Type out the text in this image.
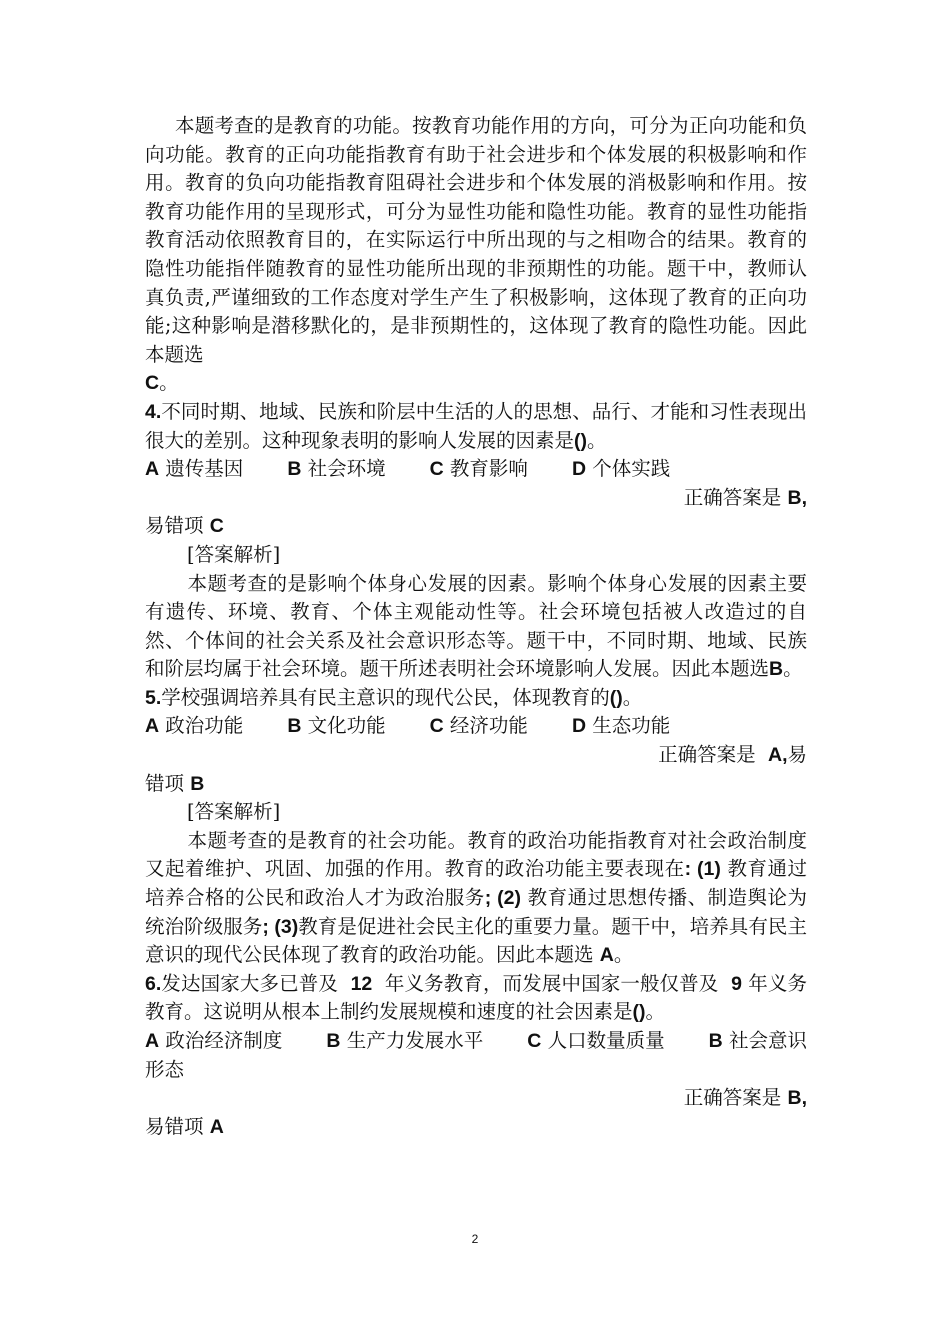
本题考查的是教育的功能。按教育功能作用的方向，可分为正向功能和负向功能。教育的正向功能指教育有助于社会进步和个体发展的积极影响和作用。教育的负向功能指教育阻碍社会进步和个体发展的消极影响和作用。按教育功能作用的呈现形式，可分为显性功能和隐性功能。教育的显性功能指教育活动依照教育目的，在实际运行中所出现的与之相吻合的结果。教育的隐性功能指伴随教育的显性功能所出现的非预期性的功能。题干中，教师认真负责,严谨细致的工作态度对学生产生了积极影响，这体现了教育的正向功能;这种影响是潜移默化的，是非预期性的，这体现了教育的隐性功能。因此本题选
C。

4.不同时期、地域、民族和阶层中生活的人的思想、品行、才能和习性表现出很大的差别。这种现象表明的影响人发展的因素是()。

A 遗传基因 B 社会环境 C 教育影响 D 个体实践

正确答案是 B,

易错项 C

[答案解析]

本题考查的是影响个体身心发展的因素。影响个体身心发展的因素主要有遗传、环境、教育、个体主观能动性等。社会环境包括被人改造过的自然、个体间的社会关系及社会意识形态等。题干中，不同时期、地域、民族和阶层均属于社会环境。题干所述表明社会环境影响人发展。因此本题选B。

5.学校强调培养具有民主意识的现代公民，体现教育的()。

A 政治功能 B 文化功能 C 经济功能 D 生态功能

正确答案是 A,易

错项 B

[答案解析]

本题考查的是教育的社会功能。教育的政治功能指教育对社会政治制度又起着维护、巩固、加强的作用。教育的政治功能主要表现在: (1) 教育通过培养合格的公民和政治人才为政治服务; (2) 教育通过思想传播、制造舆论为统治阶级服务; (3)教育是促进社会民主化的重要力量。题干中，培养具有民主意识的现代公民体现了教育的政治功能。因此本题选 A。

6.发达国家大多已普及 12 年义务教育，而发展中国家一般仅普及 9 年义务教育。这说明从根本上制约发展规模和速度的社会因素是()。

A 政治经济制度 B 生产力发展水平 C 人口数量质量 B 社会意识形态

正确答案是 B,

易错项 A

2
